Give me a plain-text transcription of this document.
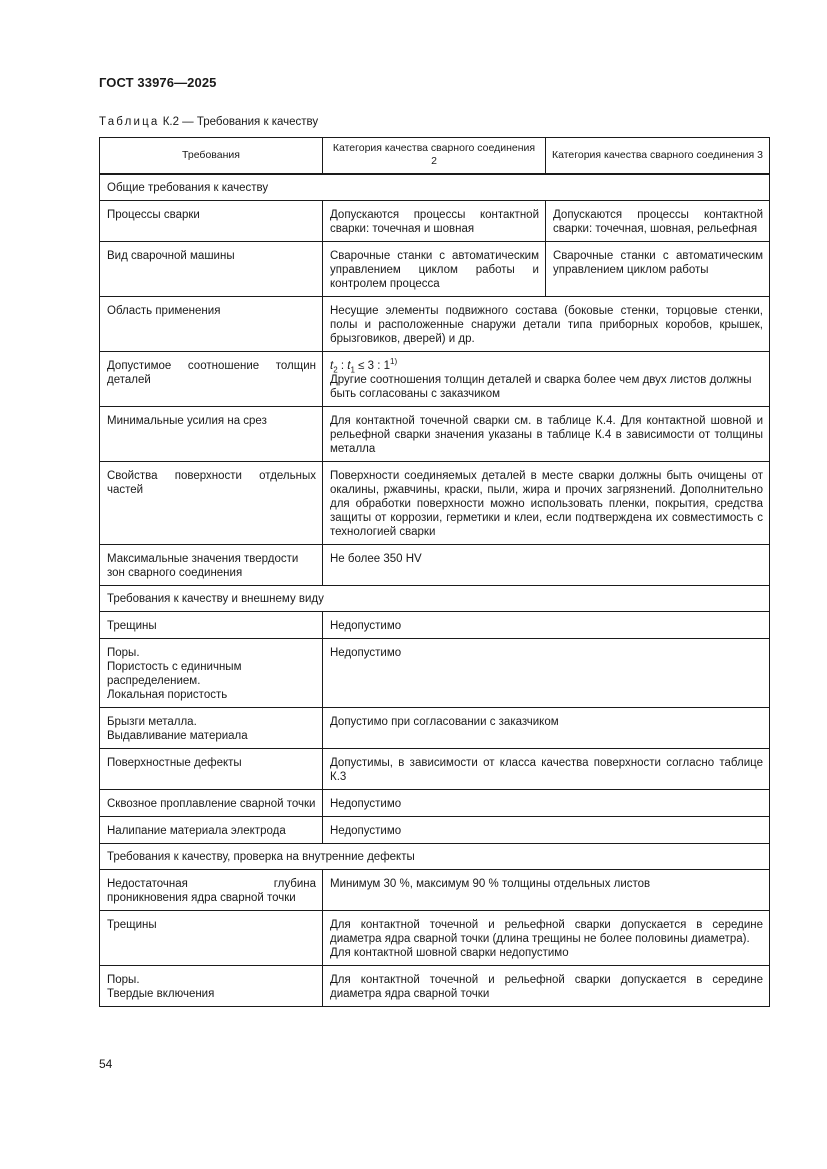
ГОСТ 33976—2025
Таблица К.2 — Требования к качеству
Требования	Категория качества сварного соединения 2	Категория качества сварного соединения 3
Общие требования к качеству		
Процессы сварки	Допускаются процессы контактной сварки: точечная и шовная	Допускаются процессы контактной сварки: точечная, шовная, рельефная
Вид сварочной машины	Сварочные станки с автоматическим управлением циклом работы и контролем процесса	Сварочные станки с автоматическим управлением циклом работы
Область применения	Несущие элементы подвижного состава (боковые стенки, торцовые стенки, полы и расположенные снаружи детали типа приборных коробов, крышек, брызговиков, дверей) и др.	
Допустимое соотношение толщин деталей	$t_2$ : $t_1 \le 3$ : 1$^{1)}$
Другие соотношения толщин деталей и сварка более чем двух листов должны быть согласованы с заказчиком	

Минимальные усилия на срез	Для контактной точечной сварки см. в таблице К.4. Для контактной шовной и рельефной сварки значения указаны в таблице К.4 в зависимости от толщины металла	
Свойства поверхности отдельных частей	Поверхности соединяемых деталей в месте сварки должны быть очищены от окалины, ржавчины, краски, пыли, жира и прочих загрязнений. Дополнительно для обработки поверхности можно использовать пленки, покрытия, средства защиты от коррозии, герметики и клеи, если подтверждена их совместимость с технологией сварки	
Максимальные значения твердости зон сварного соединения	Не более 350 HV	
Требования к качеству и внешнему виду		
Трещины	Недопустимо	
Поры.
Пористость с единичным распределением.
Локальная пористость	Недопустимо	
Брызги металла.
Выдавливание материала	Допустимо при согласовании с заказчиком	
Поверхностные дефекты	Допустимы, в зависимости от класса качества поверхности согласно таблице К.3	
Сквозное проплавление сварной точки	Недопустимо	
Налипание материала электрода	Недопустимо	
Требования к качеству, проверка на внутренние дефекты		
Недостаточная глубина проникновения ядра сварной точки	Минимум 30 %, максимум 90 % толщины отдельных листов	
Трещины	Для контактной точечной и рельефной сварки допускается в середине диаметра ядра сварной точки (длина трещины не более половины диаметра).
Для контактной шовной сварки недопустимо	
Поры.
Твердые включения	Для контактной точечной и рельефной сварки допускается в середине диаметра ядра сварной точки	
54
